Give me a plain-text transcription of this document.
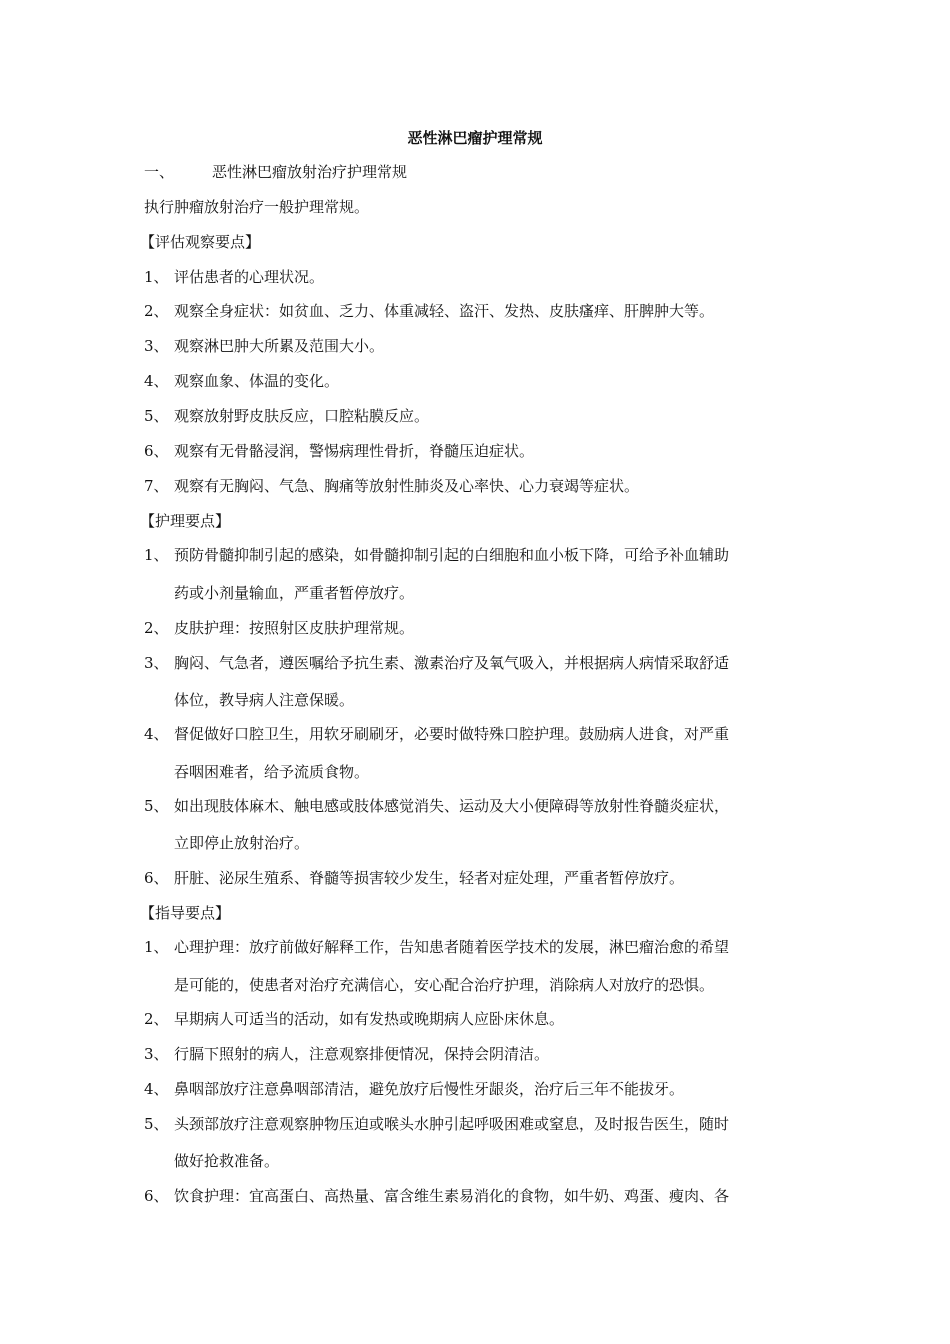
恶性淋巴瘤护理常规
一、	恶性淋巴瘤放射治疗护理常规
执行肿瘤放射治疗一般护理常规。
【评估观察要点】
1、 评估患者的心理状况。
2、 观察全身症状：如贫血、乏力、体重减轻、盗汗、发热、皮肤瘙痒、肝脾肿大等。
3、 观察淋巴肿大所累及范围大小。
4、 观察血象、体温的变化。
5、 观察放射野皮肤反应，口腔粘膜反应。
6、 观察有无骨骼浸润，警惕病理性骨折，脊髓压迫症状。
7、 观察有无胸闷、气急、胸痛等放射性肺炎及心率快、心力衰竭等症状。
【护理要点】
1、 预防骨髓抑制引起的感染，如骨髓抑制引起的白细胞和血小板下降，可给予补血辅助
药或小剂量输血，严重者暂停放疗。
2、 皮肤护理：按照射区皮肤护理常规。
3、 胸闷、气急者，遵医嘱给予抗生素、激素治疗及氧气吸入，并根据病人病情采取舒适
体位，教导病人注意保暖。
4、 督促做好口腔卫生，用软牙刷刷牙，必要时做特殊口腔护理。鼓励病人进食，对严重
吞咽困难者，给予流质食物。
5、 如出现肢体麻木、触电感或肢体感觉消失、运动及大小便障碍等放射性脊髓炎症状，
立即停止放射治疗。
6、 肝脏、泌尿生殖系、脊髓等损害较少发生，轻者对症处理，严重者暂停放疗。
【指导要点】
1、 心理护理：放疗前做好解释工作，告知患者随着医学技术的发展，淋巴瘤治愈的希望
是可能的，使患者对治疗充满信心，安心配合治疗护理，消除病人对放疗的恐惧。
2、 早期病人可适当的活动，如有发热或晚期病人应卧床休息。
3、 行膈下照射的病人，注意观察排便情况，保持会阴清洁。
4、 鼻咽部放疗注意鼻咽部清洁，避免放疗后慢性牙龈炎，治疗后三年不能拔牙。
5、 头颈部放疗注意观察肿物压迫或喉头水肿引起呼吸困难或窒息，及时报告医生，随时
做好抢救准备。
6、 饮食护理：宜高蛋白、高热量、富含维生素易消化的食物，如牛奶、鸡蛋、瘦肉、各
